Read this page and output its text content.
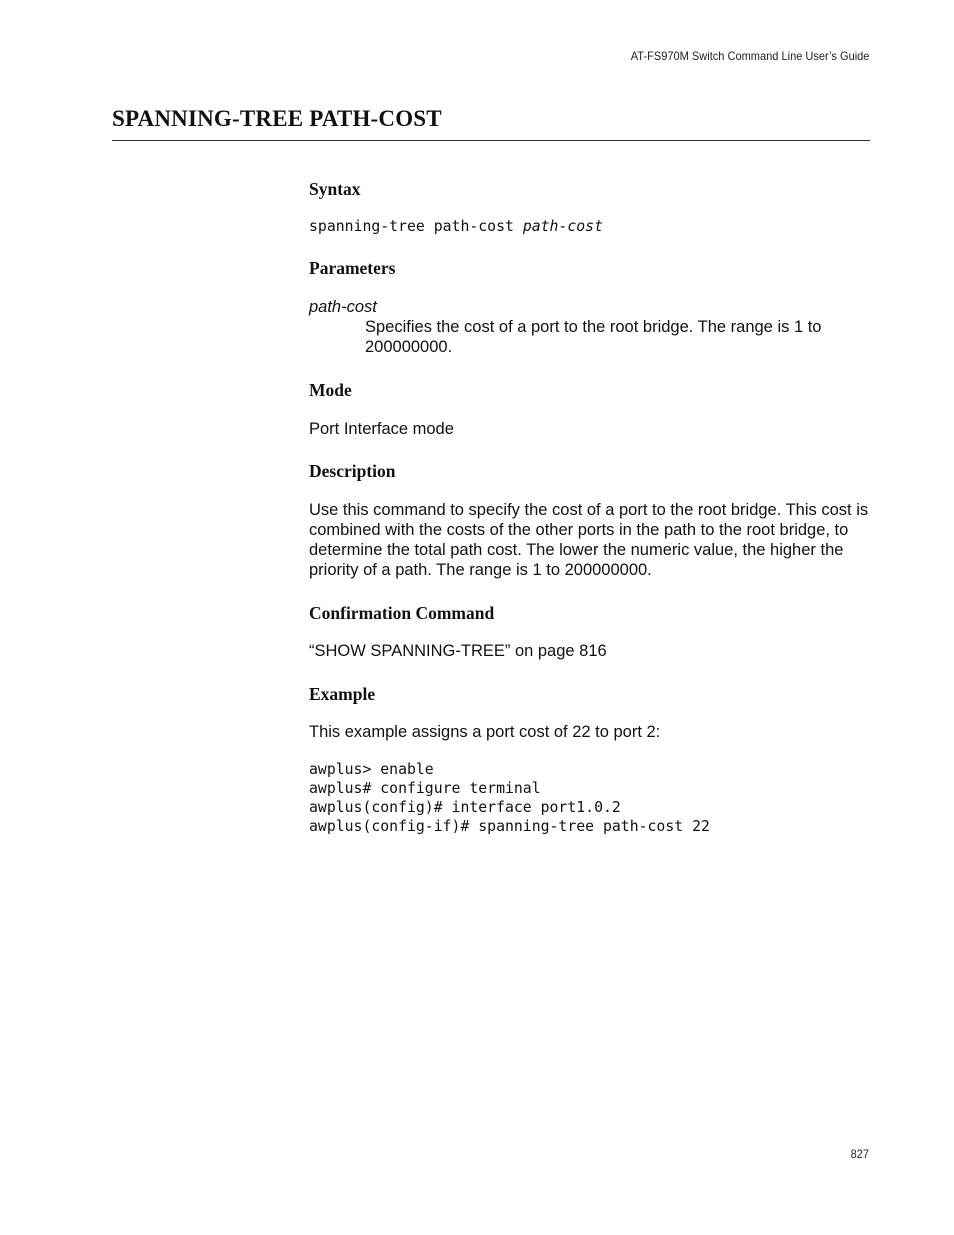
AT-FS970M Switch Command Line User’s Guide
SPANNING-TREE PATH-COST
Syntax
spanning-tree path-cost path-cost
Parameters

path-cost

Specifies the cost of a port to the root bridge. The range is 1 to 200000000.

Mode

Port Interface mode

Description

Use this command to specify the cost of a port to the root bridge. This cost is combined with the costs of the other ports in the path to the root bridge, to determine the total path cost. The lower the numeric value, the higher the priority of a path. The range is 1 to 200000000.

Confirmation Command

“SHOW SPANNING-TREE” on page 816

Example

This example assigns a port cost of 22 to port 2:

awplus> enable
awplus# configure terminal
awplus(config)# interface port1.0.2
awplus(config-if)# spanning-tree path-cost 22
827
